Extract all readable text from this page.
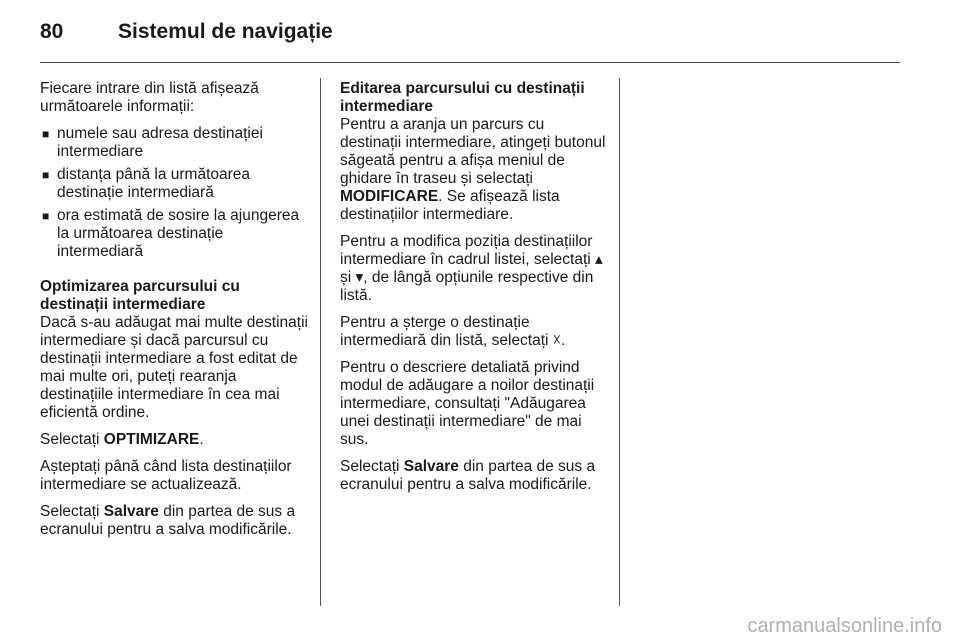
80	Sistemul de navigație

Fiecare intrare din listă afișează următoarele informații:

■ numele sau adresa destinației intermediare
■ distanța până la următoarea destinație intermediară
■ ora estimată de sosire la ajungerea la următoarea destinație intermediară

Optimizarea parcursului cu destinații intermediare

Dacă s-au adăugat mai multe destinații intermediare și dacă parcursul cu destinații intermediare a fost editat de mai multe ori, puteți rearanja destinațiile intermediare în cea mai eficientă ordine.

Selectați OPTIMIZARE.

Așteptați până când lista destinațiilor intermediare se actualizează.

Selectați Salvare din partea de sus a ecranului pentru a salva modificările.

Editarea parcursului cu destinații intermediare

Pentru a aranja un parcurs cu destinații intermediare, atingeți butonul săgeată pentru a afișa meniul de ghidare în traseu și selectați MODIFICARE. Se afișează lista destinațiilor intermediare.

Pentru a modifica poziția destinațiilor intermediare în cadrul listei, selectați ▴ și ▾, de lângă opțiunile respective din listă.

Pentru a șterge o destinație intermediară din listă, selectați ☓.

Pentru o descriere detaliată privind modul de adăugare a noilor destinații intermediare, consultați "Adăugarea unei destinații intermediare" de mai sus.

Selectați Salvare din partea de sus a ecranului pentru a salva modificările.

carmanualsonline.info
